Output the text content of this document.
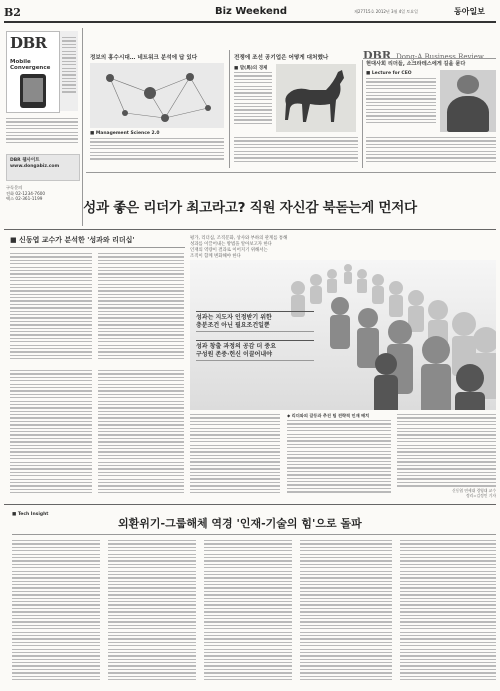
B2	Biz Weekend	제27715호 2012년 3월 4일 토요일	동아일보
DBR
Mobile Convergence
DBR 웹사이트
www.dongabiz.com
구독문의
전화 02-1234-7600
팩스 02-361-1199
DBR Dong-A Business Review
정보의 홍수시대… 네트워크 분석에 답 있다
■ Management Science 2.0
전쟁에 조선 공기업은 어떻게 대처했나
■ 말(馬)의 경제
현대사회 리더들, 소크라테스에게 길을 묻다
■ Lecture for CEO
성과 좋은 리더가 최고라고? 직원 자신감 북돋는게 먼저다
■ 신동엽 교수가 분석한 '성과와 리더십'	평가, 리더십, 조직문화, 상사와 부하의 관계를 통해
성과를 이끌어내는 방법을 알아보고자 한다
인재의 역량이 결과로 이어지기 위해서는
조직이 함께 변화해야 한다
성과는 지도자 인정받기 위한
충분조건 아닌 필요조건일뿐
성과 창출 과정의 공감 더 중요
구성원 존중·헌신 이끌어내야
◆ 리더와의 갈등과 추진 팀 전략적 인재 배치
신동엽 연세대 경영대 교수
정리=김정인 기자
■ Tech Insight
외환위기-그룹해체 역경 '인재-기술의 힘'으로 돌파
